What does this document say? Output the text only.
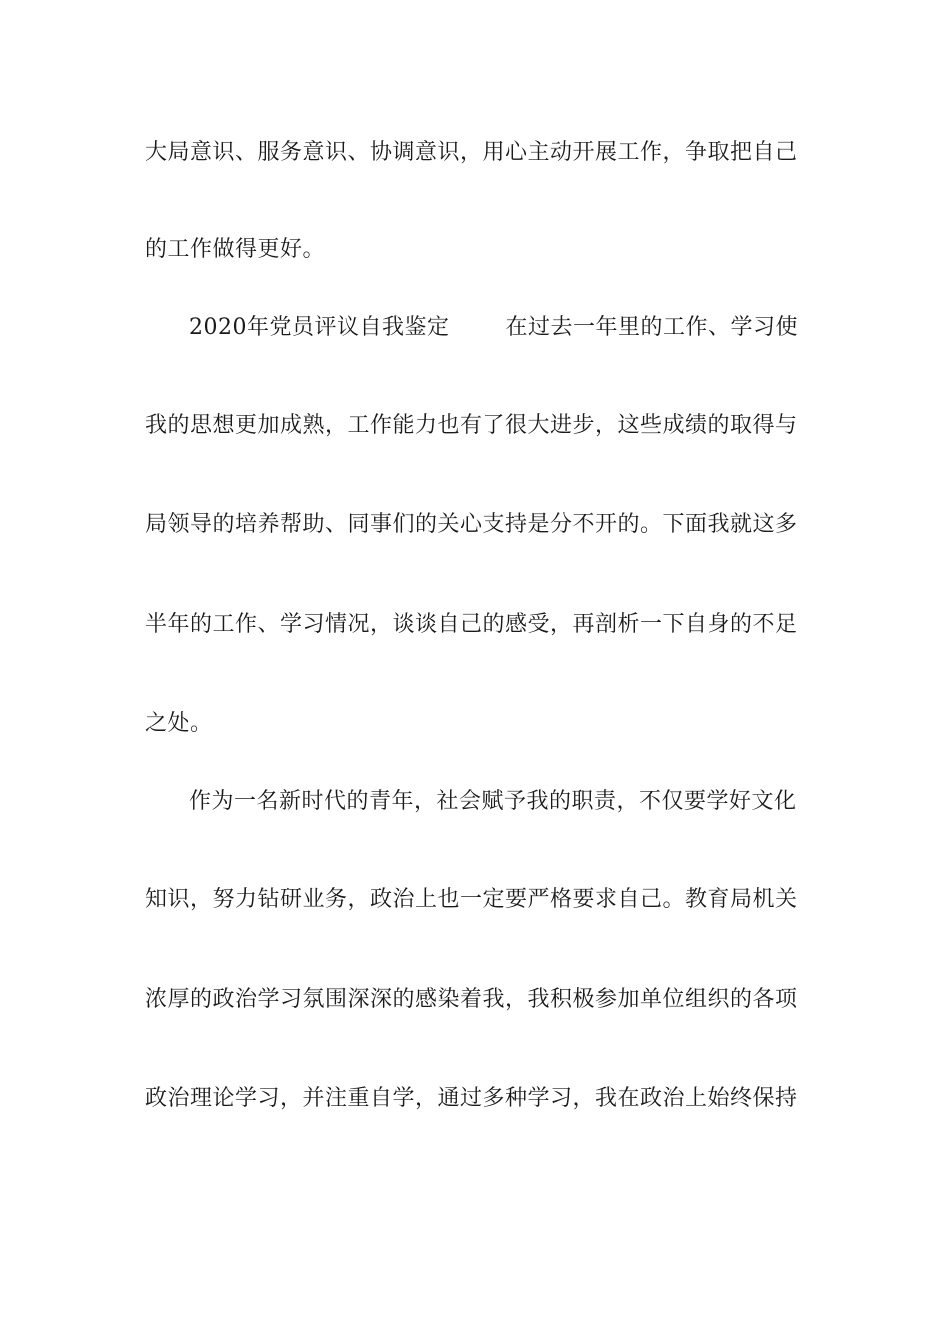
大局意识、服务意识、协调意识，用心主动开展工作，争取把自己
的工作做得更好。
2020年党员评议自我鉴定	在过去一年里的工作、学习使
我的思想更加成熟，工作能力也有了很大进步，这些成绩的取得与
局领导的培养帮助、同事们的关心支持是分不开的。下面我就这多
半年的工作、学习情况，谈谈自己的感受，再剖析一下自身的不足
之处。
作为一名新时代的青年，社会赋予我的职责，不仅要学好文化
知识，努力钻研业务，政治上也一定要严格要求自己。教育局机关
浓厚的政治学习氛围深深的感染着我，我积极参加单位组织的各项
政治理论学习，并注重自学，通过多种学习，我在政治上始终保持
